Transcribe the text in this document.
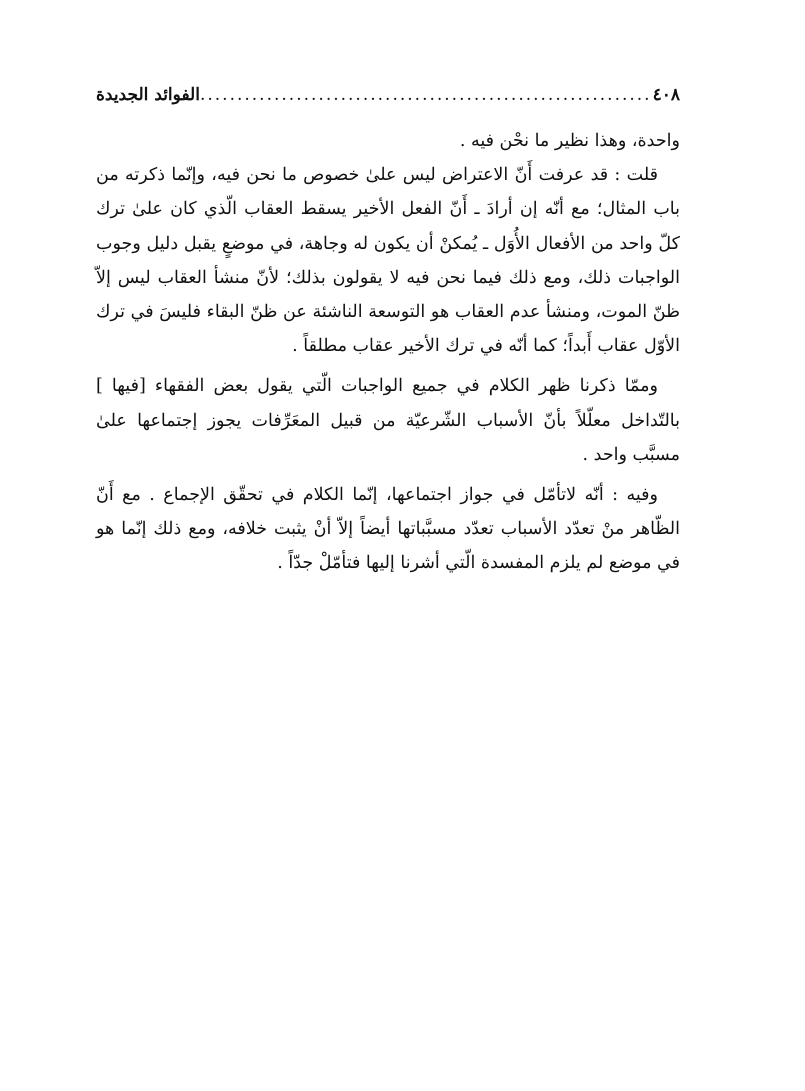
٤٠٨
.....
الفوائد الجديدة

واحدة، وهذا نظير ما نحْن فيه .

قلت : قد عرفت أَنّ الاعتراض ليس علىٰ خصوص ما نحن فيه، وإنّما ذكرته من باب المثال؛ مع أنّه إن أرادَ ـ أَنّ الفعل الأخير يسقط العقاب الّذي كان علىٰ ترك كلّ واحد من الأفعال الأُوَل ـ يُمكنْ أن يكون له وجاهة، في موضعٍ يقبل دليل وجوب الواجبات ذلك، ومع ذلك فيما نحن فيه لا يقولون بذلك؛ لأنّ منشأ العقاب ليس إلاّ ظنّ الموت، ومنشأ عدم العقاب هو التوسعة الناشئة عن ظنّ البقاء فليسَ في ترك الأوّل عقاب أَبداً؛ كما أنّه في ترك الأخير عقاب مطلقاً .

وممّا ذكرنا ظهر الكلام في جميع الواجبات الّتي يقول بعض الفقهاء [فيها ] بالتّداخل معلّلاً بأنّ الأسباب الشّرعيّة من قبيل المعَرِّفات يجوز إجتماعها علىٰ مسبَّب واحد .

وفيه : أنّه لاتأمّل في جواز اجتماعها، إنّما الكلام في تحقّق الإجماع . مع أَنّ الظّاهر منْ تعدّد الأسباب تعدّد مسبَّباتها أيضاً إلاّ أنْ يثبت خلافه، ومع ذلك إنّما هو في موضع لم يلزم المفسدة الّتي أشرنا إليها فتأمّلْ جدّاً .
